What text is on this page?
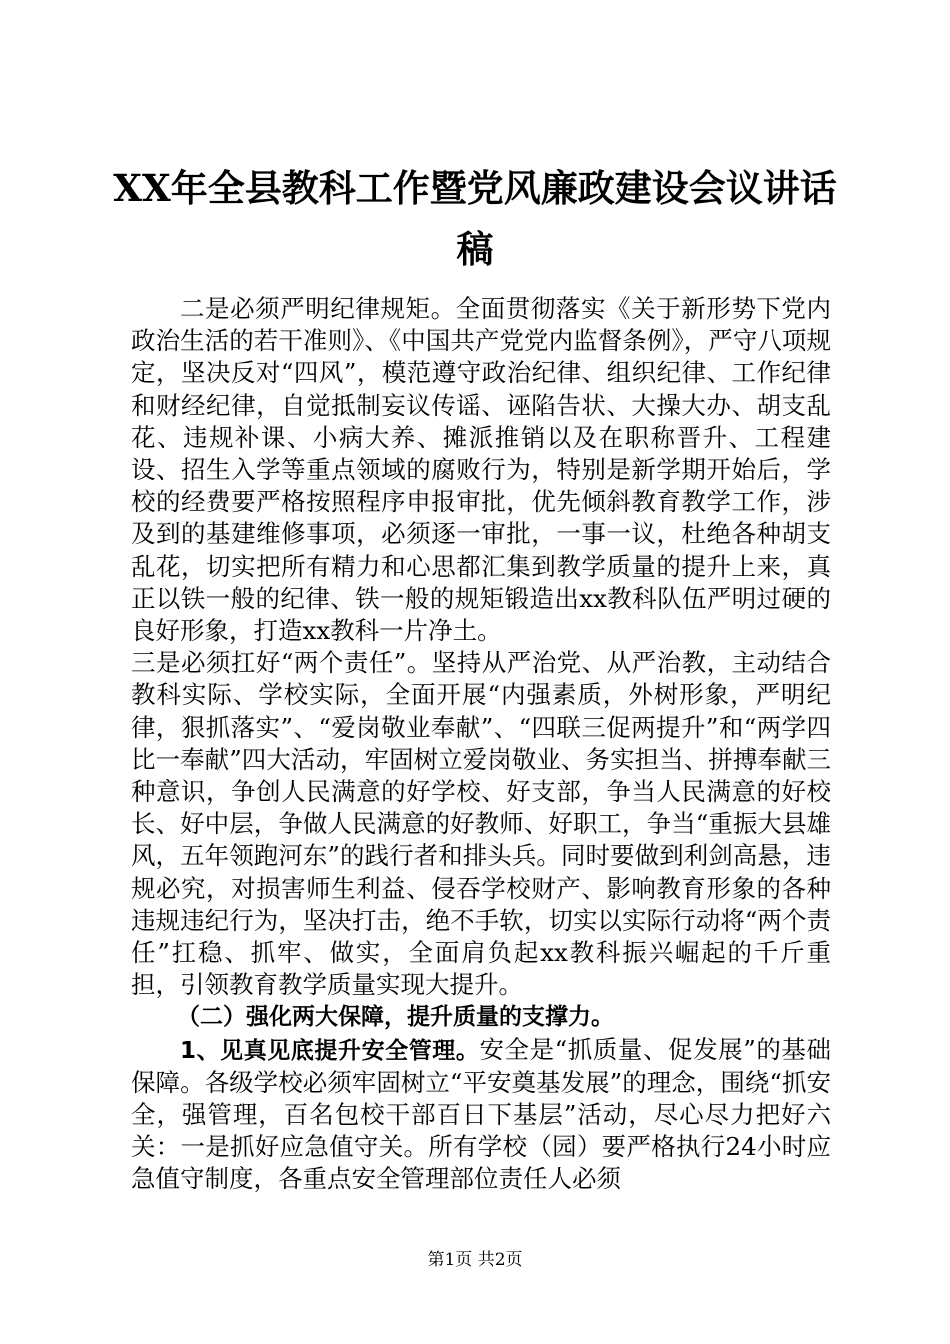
XX年全县教科工作暨党风廉政建设会议讲话
稿

二是必须严明纪律规矩。全面贯彻落实《关于新形势下党内政治生活的若干准则》、《中国共产党党内监督条例》，严守八项规定，坚决反对“四风”，模范遵守政治纪律、组织纪律、工作纪律和财经纪律，自觉抵制妄议传谣、诬陷告状、大操大办、胡支乱花、违规补课、小病大养、摊派推销以及在职称晋升、工程建设、招生入学等重点领域的腐败行为，特别是新学期开始后，学校的经费要严格按照程序申报审批，优先倾斜教育教学工作，涉及到的基建维修事项，必须逐一审批，一事一议，杜绝各种胡支乱花，切实把所有精力和心思都汇集到教学质量的提升上来，真正以铁一般的纪律、铁一般的规矩锻造出xx教科队伍严明过硬的良好形象，打造xx教科一片净土。

三是必须扛好“两个责任”。坚持从严治党、从严治教，主动结合教科实际、学校实际，全面开展“内强素质，外树形象，严明纪律，狠抓落实”、“爱岗敬业奉献”、“四联三促两提升”和“两学四比一奉献”四大活动，牢固树立爱岗敬业、务实担当、拼搏奉献三种意识，争创人民满意的好学校、好支部，争当人民满意的好校长、好中层，争做人民满意的好教师、好职工，争当“重振大县雄风，五年领跑河东”的践行者和排头兵。同时要做到利剑高悬，违规必究，对损害师生利益、侵吞学校财产、影响教育形象的各种违规违纪行为，坚决打击，绝不手软，切实以实际行动将“两个责任”扛稳、抓牢、做实，全面肩负起xx教科振兴崛起的千斤重担，引领教育教学质量实现大提升。

（二）强化两大保障，提升质量的支撑力。

1、见真见底提升安全管理。安全是“抓质量、促发展”的基础保障。各级学校必须牢固树立“平安奠基发展”的理念，围绕“抓安全，强管理，百名包校干部百日下基层”活动，尽心尽力把好六关：一是抓好应急值守关。所有学校（园）要严格执行24小时应急值守制度，各重点安全管理部位责任人必须

第1页 共2页
